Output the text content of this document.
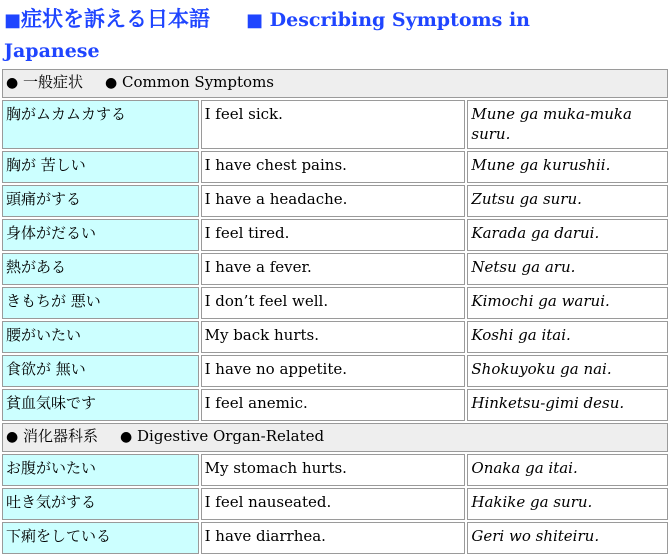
■症状を訴える日本語 ■ Describing Symptoms in
Japanese
● 一般症状 ● Common Symptoms		
胸がムカムカする	I feel sick.	Mune ga muka-muka suru.
胸が 苦しい	I have chest pains.	Mune ga kurushii.
頭痛がする	I have a headache.	Zutsu ga suru.
身体がだるい	I feel tired.	Karada ga darui.
熱がある	I have a fever.	Netsu ga aru.
きもちが 悪い	I don’t feel well.	Kimochi ga warui.
腰がいたい	My back hurts.	Koshi ga itai.
食欲が 無い	I have no appetite.	Shokuyoku ga nai.
貧血気味です	I feel anemic.	Hinketsu-gimi desu.
● 消化器科系 ● Digestive Organ-Related		
お腹がいたい	My stomach hurts.	Onaka ga itai.
吐き気がする	I feel nauseated.	Hakike ga suru.
下痢をしている	I have diarrhea.	Geri wo shiteiru.
